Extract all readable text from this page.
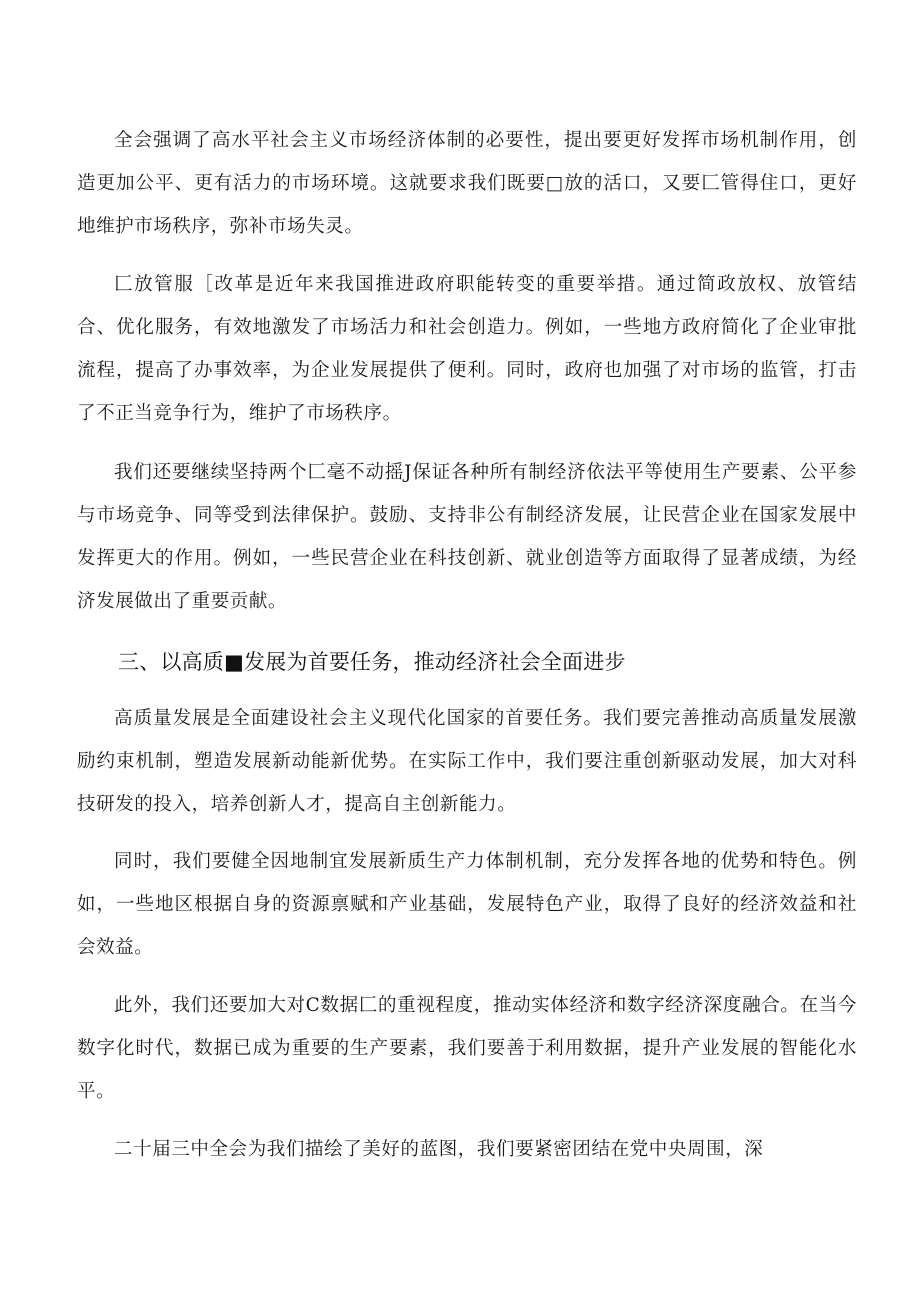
全会强调了高水平社会主义市场经济体制的必要性，提出要更好发挥市场机制作用，创造更加公平、更有活力的市场环境。这就要求我们既要□放的活口，又要匚管得住口，更好地维护市场秩序，弥补市场失灵。

匚放管服［改革是近年来我国推进政府职能转变的重要举措。通过简政放权、放管结合、优化服务，有效地激发了市场活力和社会创造力。例如，一些地方政府简化了企业审批流程，提高了办事效率，为企业发展提供了便利。同时，政府也加强了对市场的监管，打击了不正当竞争行为，维护了市场秩序。

我们还要继续坚持两个匚毫不动摇J保证各种所有制经济依法平等使用生产要素、公平参与市场竞争、同等受到法律保护。鼓励、支持非公有制经济发展，让民营企业在国家发展中发挥更大的作用。例如，一些民营企业在科技创新、就业创造等方面取得了显著成绩，为经济发展做出了重要贡献。

三、以高质■发展为首要任务，推动经济社会全面进步

高质量发展是全面建设社会主义现代化国家的首要任务。我们要完善推动高质量发展激励约束机制，塑造发展新动能新优势。在实际工作中，我们要注重创新驱动发展，加大对科技研发的投入，培养创新人才，提高自主创新能力。

同时，我们要健全因地制宜发展新质生产力体制机制，充分发挥各地的优势和特色。例如，一些地区根据自身的资源禀赋和产业基础，发展特色产业，取得了良好的经济效益和社会效益。

此外，我们还要加大对C数据匚的重视程度，推动实体经济和数字经济深度融合。在当今数字化时代，数据已成为重要的生产要素，我们要善于利用数据，提升产业发展的智能化水平。

二十届三中全会为我们描绘了美好的蓝图，我们要紧密团结在党中央周围，深
